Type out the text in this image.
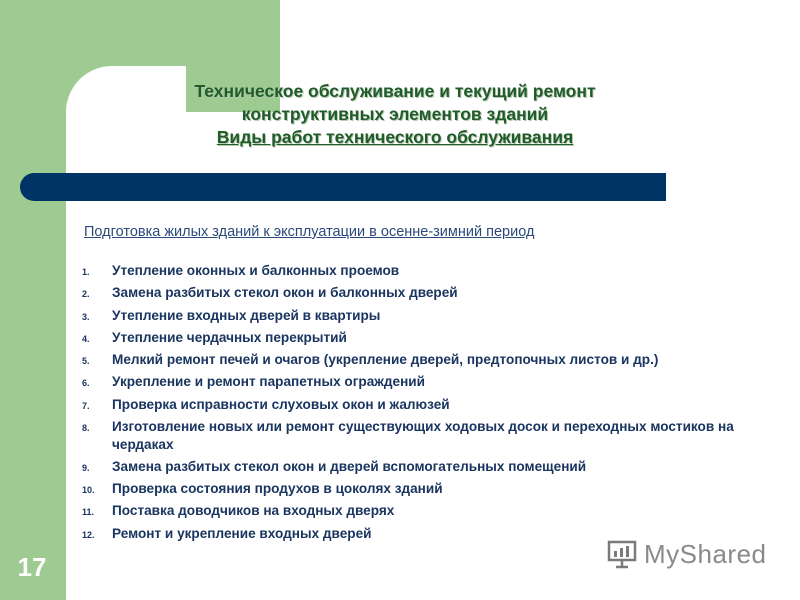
Техническое обслуживание и текущий ремонт
конструктивных элементов зданий
Виды работ технического обслуживания
Подготовка жилых зданий к эксплуатации в осенне-зимний период
1. Утепление оконных и балконных проемов
2. Замена разбитых стекол окон и балконных дверей
3. Утепление входных дверей в квартиры
4. Утепление чердачных перекрытий
5. Мелкий ремонт печей и очагов (укрепление дверей, предтопочных листов и др.)
6. Укрепление и ремонт парапетных ограждений
7. Проверка исправности слуховых окон и жалюзей
8. Изготовление новых или ремонт существующих ходовых досок и переходных мостиков на чердаках
9. Замена разбитых стекол окон и дверей вспомогательных помещений
10. Проверка состояния продухов в цоколях зданий
11. Поставка доводчиков на входных дверях
12. Ремонт и укрепление входных дверей
17	MyShared
